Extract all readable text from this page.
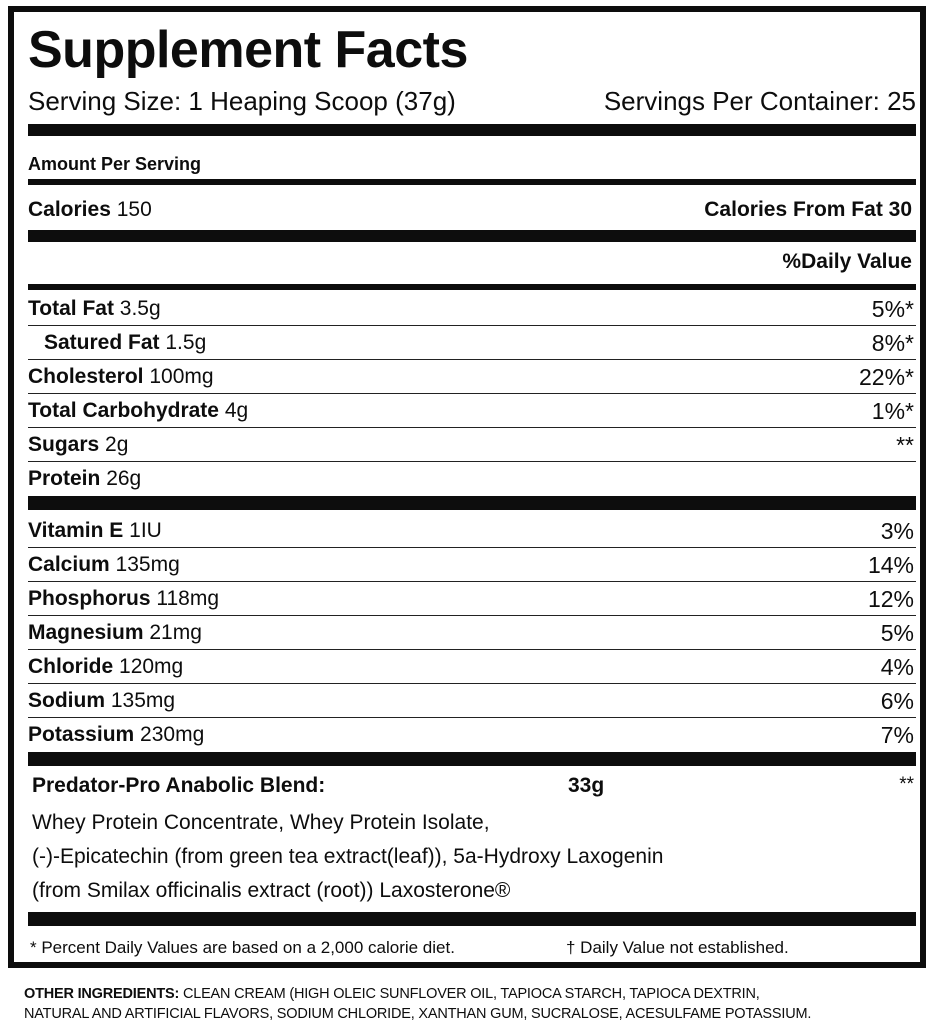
Supplement Facts
Serving Size: 1 Heaping Scoop (37g)	Servings Per Container: 25
Amount Per Serving
Calories 150	Calories From Fat 30
%Daily Value
Total Fat 3.5g	5%*
Satured Fat 1.5g	8%*
Cholesterol 100mg	22%*
Total Carbohydrate 4g	1%*
Sugars 2g	**
Protein 26g
Vitamin E 1IU	3%
Calcium 135mg	14%
Phosphorus 118mg	12%
Magnesium 21mg	5%
Chloride 120mg	4%
Sodium 135mg	6%
Potassium 230mg	7%
Predator-Pro Anabolic Blend:	33g	**
Whey Protein Concentrate, Whey Protein Isolate,
(-)-Epicatechin (from green tea extract(leaf)), 5a-Hydroxy Laxogenin
(from Smilax officinalis extract (root)) Laxosterone®
* Percent Daily Values are based on a 2,000 calorie diet.	† Daily Value not established.
OTHER INGREDIENTS: CLEAN CREAM (HIGH OLEIC SUNFLOVER OIL, TAPIOCA STARCH, TAPIOCA DEXTRIN,
NATURAL AND ARTIFICIAL FLAVORS, SODIUM CHLORIDE, XANTHAN GUM, SUCRALOSE, ACESULFAME POTASSIUM.
